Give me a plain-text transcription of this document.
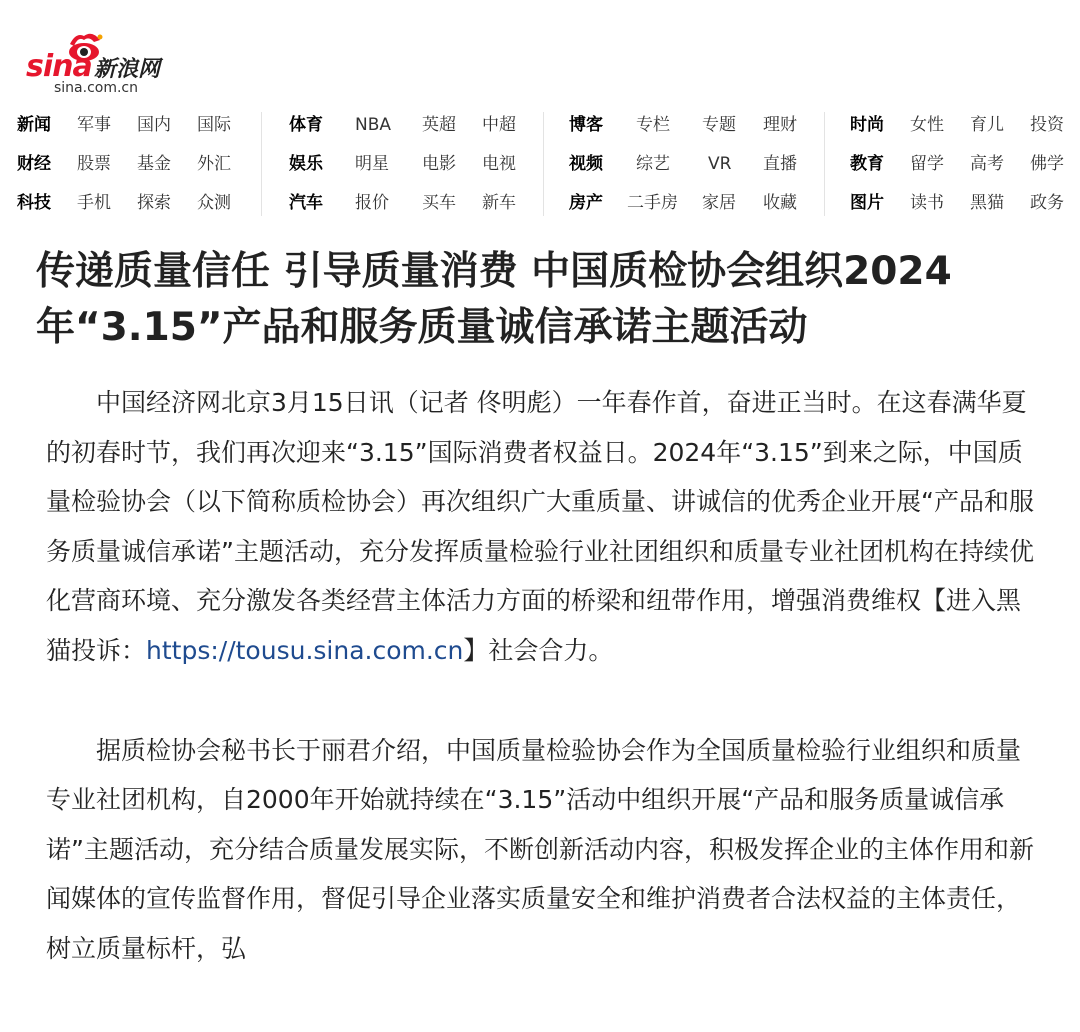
sina 新浪网
sina.com.cn
新闻 军事 国内 国际
财经 股票 基金 外汇
科技 手机 探索 众测
体育 NBA 英超 中超
娱乐 明星 电影 电视
汽车 报价 买车 新车
博客 专栏 专题 理财
视频 综艺 VR 直播
房产 二手房 家居 收藏
时尚 女性 育儿 投资
教育 留学 高考 佛学
图片 读书 黑猫 政务
传递质量信任 引导质量消费 中国质检协会组织2024年“3.15”产品和服务质量诚信承诺主题活动

中国经济网北京3月15日讯（记者 佟明彪）一年春作首，奋进正当时。在这春满华夏的初春时节，我们再次迎来“3.15”国际消费者权益日。2024年“3.15”到来之际，中国质量检验协会（以下简称质检协会）再次组织广大重质量、讲诚信的优秀企业开展“产品和服务质量诚信承诺”主题活动，充分发挥质量检验行业社团组织和质量专业社团机构在持续优化营商环境、充分激发各类经营主体活力方面的桥梁和纽带作用，增强消费维权【进入黑猫投诉：https://tousu.sina.com.cn】社会合力。

据质检协会秘书长于丽君介绍，中国质量检验协会作为全国质量检验行业组织和质量专业社团机构，自2000年开始就持续在“3.15”活动中组织开展“产品和服务质量诚信承诺”主题活动，充分结合质量发展实际，不断创新活动内容，积极发挥企业的主体作用和新闻媒体的宣传监督作用，督促引导企业落实质量安全和维护消费者合法权益的主体责任，树立质量标杆，弘
